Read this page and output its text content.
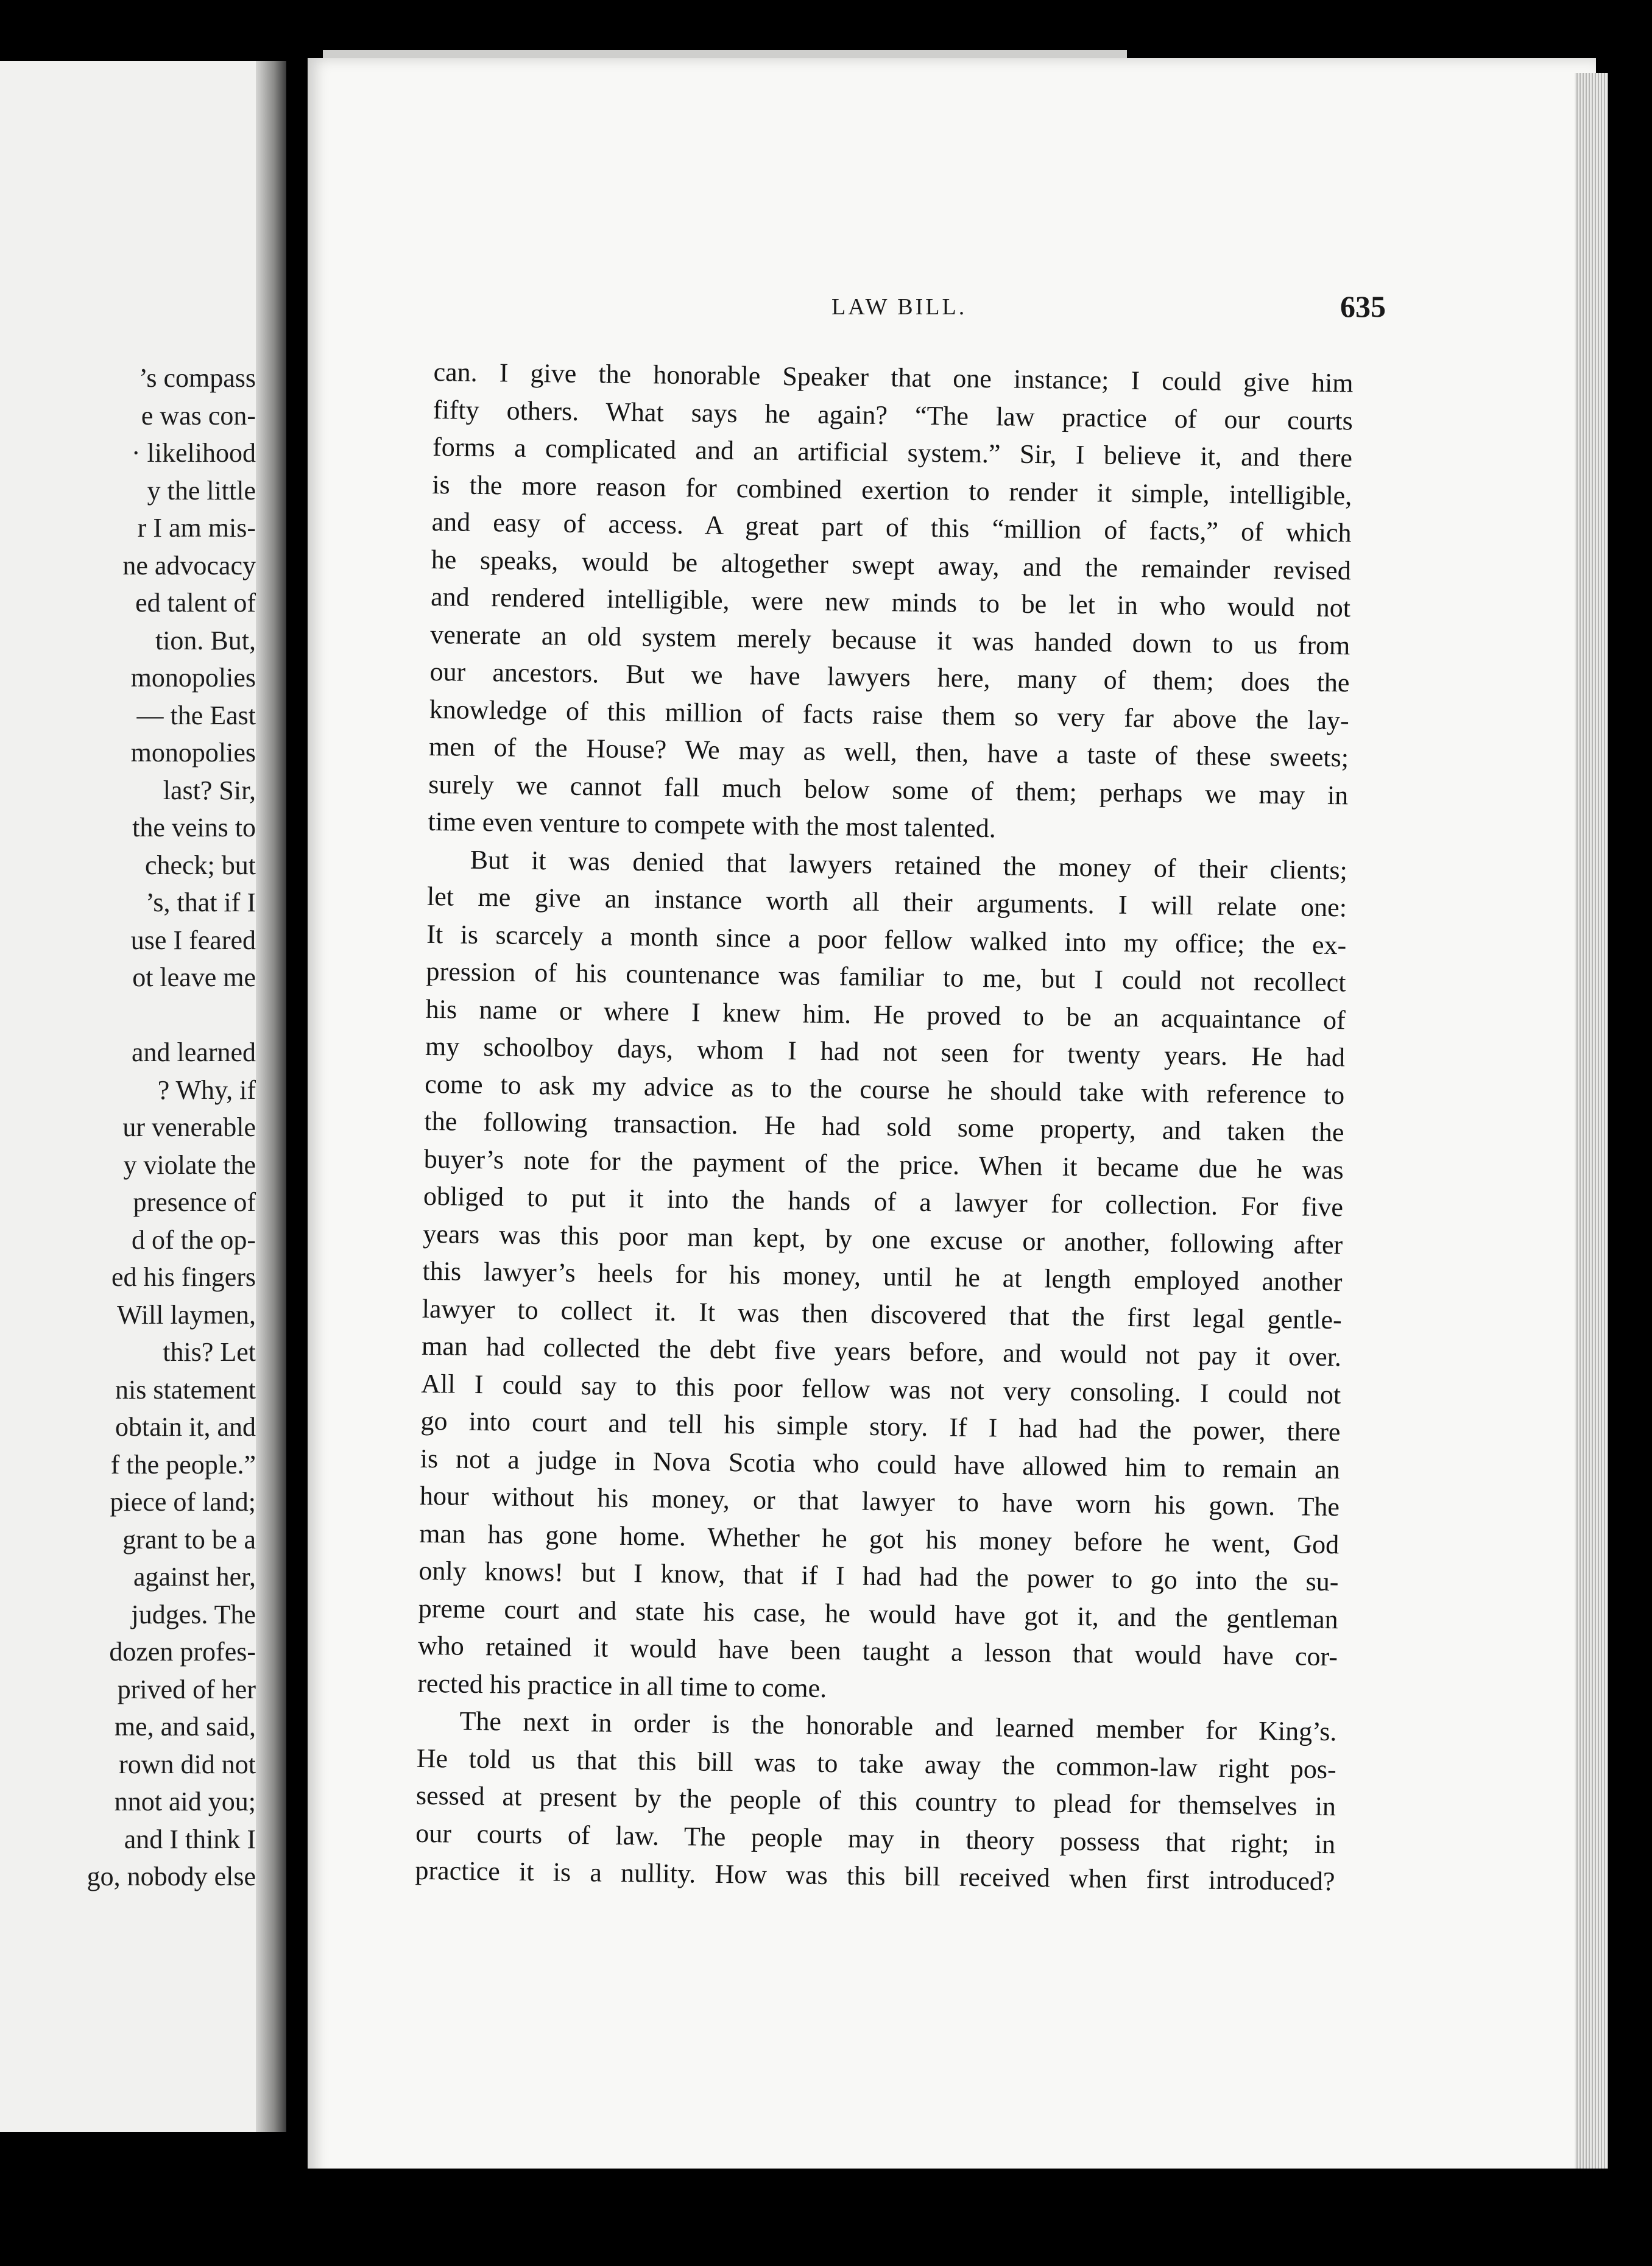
’s compass
e was con-
· likelihood
y the little
r I am mis-
ne advocacy
ed talent of
tion. But,
monopolies
— the East
monopolies
last? Sir,
the veins to
check; but
’s, that if I
use I feared
ot leave me
and learned
? Why, if
ur venerable
y violate the
presence of
d of the op-
ed his fingers
Will laymen,
this? Let
nis statement
obtain it, and
f the people.”
piece of land;
grant to be a
against her,
judges. The
dozen profes-
prived of her
me, and said,
rown did not
nnot aid you;
and I think I
go, nobody else
LAW BILL.	635
can. I give the honorable Speaker that one instance; I could give him
fifty others. What says he again? “The law practice of our courts
forms a complicated and an artificial system.” Sir, I believe it, and there
is the more reason for combined exertion to render it simple, intelligible,
and easy of access. A great part of this “million of facts,” of which
he speaks, would be altogether swept away, and the remainder revised
and rendered intelligible, were new minds to be let in who would not
venerate an old system merely because it was handed down to us from
our ancestors. But we have lawyers here, many of them; does the
knowledge of this million of facts raise them so very far above the lay-
men of the House? We may as well, then, have a taste of these sweets;
surely we cannot fall much below some of them; perhaps we may in
time even venture to compete with the most talented.
But it was denied that lawyers retained the money of their clients;
let me give an instance worth all their arguments. I will relate one:
It is scarcely a month since a poor fellow walked into my office; the ex-
pression of his countenance was familiar to me, but I could not recollect
his name or where I knew him. He proved to be an acquaintance of
my schoolboy days, whom I had not seen for twenty years. He had
come to ask my advice as to the course he should take with reference to
the following transaction. He had sold some property, and taken the
buyer’s note for the payment of the price. When it became due he was
obliged to put it into the hands of a lawyer for collection. For five
years was this poor man kept, by one excuse or another, following after
this lawyer’s heels for his money, until he at length employed another
lawyer to collect it. It was then discovered that the first legal gentle-
man had collected the debt five years before, and would not pay it over.
All I could say to this poor fellow was not very consoling. I could not
go into court and tell his simple story. If I had had the power, there
is not a judge in Nova Scotia who could have allowed him to remain an
hour without his money, or that lawyer to have worn his gown. The
man has gone home. Whether he got his money before he went, God
only knows! but I know, that if I had had the power to go into the su-
preme court and state his case, he would have got it, and the gentleman
who retained it would have been taught a lesson that would have cor-
rected his practice in all time to come.
The next in order is the honorable and learned member for King’s.
He told us that this bill was to take away the common-law right pos-
sessed at present by the people of this country to plead for themselves in
our courts of law. The people may in theory possess that right; in
practice it is a nullity. How was this bill received when first introduced?
